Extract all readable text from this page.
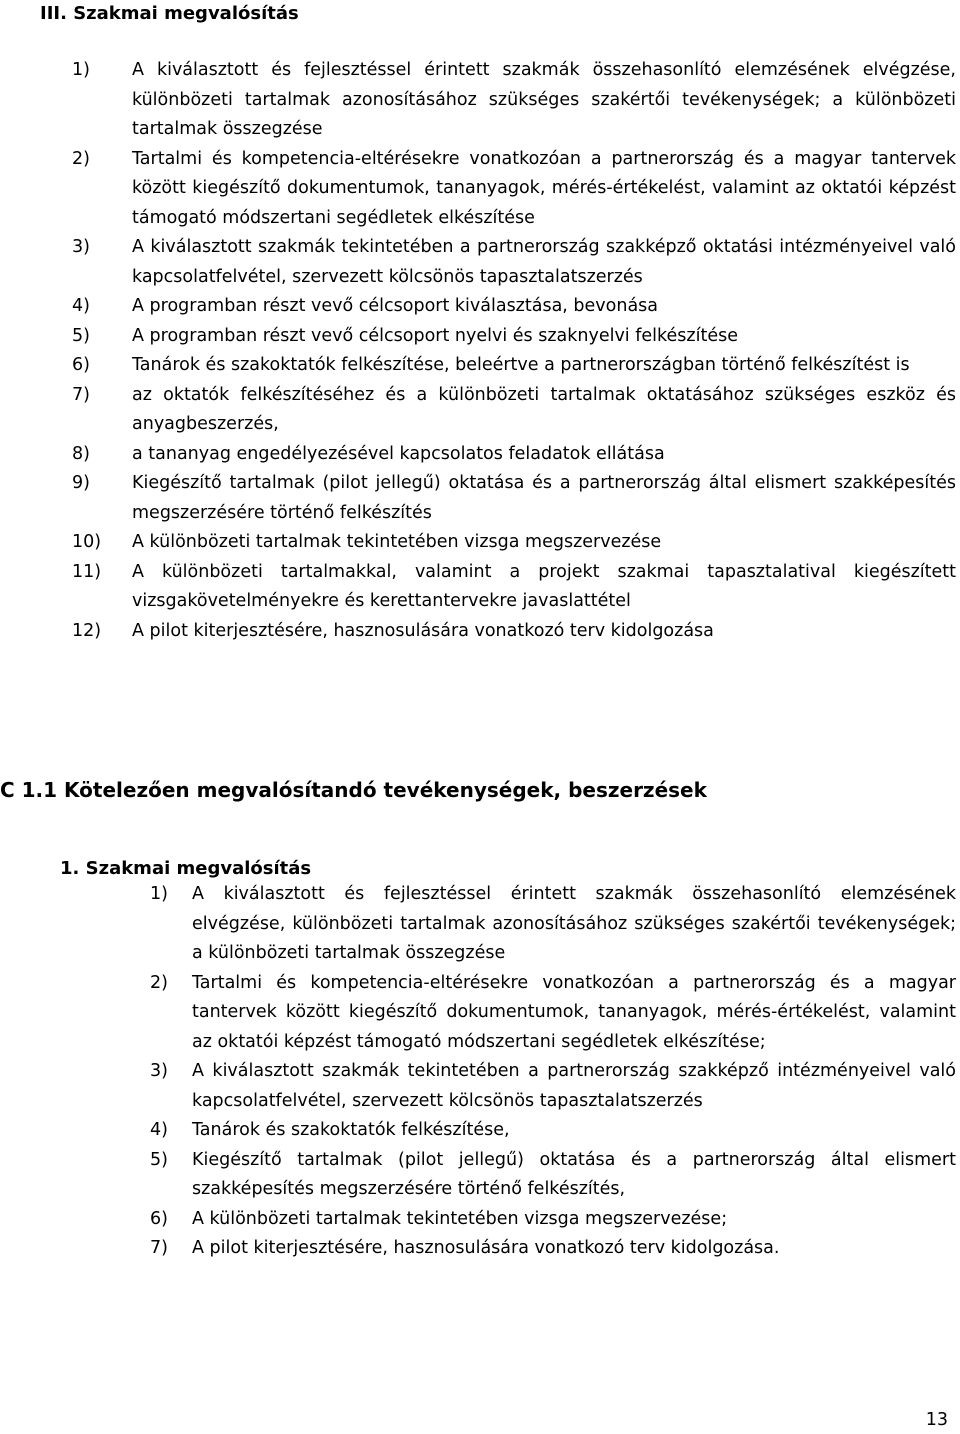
III. Szakmai megvalósítás
1) A kiválasztott és fejlesztéssel érintett szakmák összehasonlító elemzésének elvégzése, különbözeti tartalmak azonosításához szükséges szakértői tevékenységek; a különbözeti tartalmak összegzése
2) Tartalmi és kompetencia-eltérésekre vonatkozóan a partnerország és a magyar tantervek között kiegészítő dokumentumok, tananyagok, mérés-értékelést, valamint az oktatói képzést támogató módszertani segédletek elkészítése
3) A kiválasztott szakmák tekintetében a partnerország szakképző oktatási intézményeivel való kapcsolatfelvétel, szervezett kölcsönös tapasztalatszerzés
4) A programban részt vevő célcsoport kiválasztása, bevonása
5) A programban részt vevő célcsoport nyelvi és szaknyelvi felkészítése
6) Tanárok és szakoktatók felkészítése, beleértve a partnerországban történő felkészítést is
7) az oktatók felkészítéséhez és a különbözeti tartalmak oktatásához szükséges eszköz és anyagbeszerzés,
8) a tananyag engedélyezésével kapcsolatos feladatok ellátása
9) Kiegészítő tartalmak (pilot jellegű) oktatása és a partnerország által elismert szakképesítés megszerzésére történő felkészítés
10) A különbözeti tartalmak tekintetében vizsga megszervezése
11) A különbözeti tartalmakkal, valamint a projekt szakmai tapasztalatival kiegészített vizsgakövetelményekre és kerettantervekre javaslattétel
12) A pilot kiterjesztésére, hasznosulására vonatkozó terv kidolgozása
C 1.1 Kötelezően megvalósítandó tevékenységek, beszerzések
1. Szakmai megvalósítás
1) A kiválasztott és fejlesztéssel érintett szakmák összehasonlító elemzésének elvégzése, különbözeti tartalmak azonosításához szükséges szakértői tevékenységek; a különbözeti tartalmak összegzése
2) Tartalmi és kompetencia-eltérésekre vonatkozóan a partnerország és a magyar tantervek között kiegészítő dokumentumok, tananyagok, mérés-értékelést, valamint az oktatói képzést támogató módszertani segédletek elkészítése;
3) A kiválasztott szakmák tekintetében a partnerország szakképző intézményeivel való kapcsolatfelvétel, szervezett kölcsönös tapasztalatszerzés
4) Tanárok és szakoktatók felkészítése,
5) Kiegészítő tartalmak (pilot jellegű) oktatása és a partnerország által elismert szakképesítés megszerzésére történő felkészítés,
6) A különbözeti tartalmak tekintetében vizsga megszervezése;
7) A pilot kiterjesztésére, hasznosulására vonatkozó terv kidolgozása.
13
